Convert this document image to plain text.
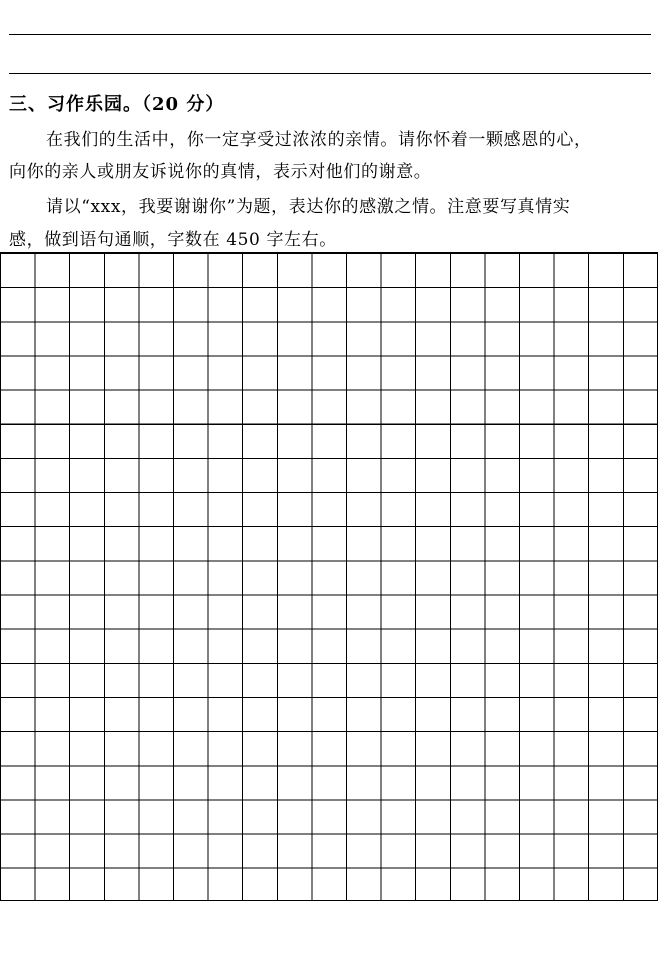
三、习作乐园。（20 分）
在我们的生活中，你一定享受过浓浓的亲情。请你怀着一颗感恩的心，
向你的亲人或朋友诉说你的真情，表示对他们的谢意。
请以“xxx，我要谢谢你”为题，表达你的感激之情。注意要写真情实
感，做到语句通顺，字数在 450 字左右。
